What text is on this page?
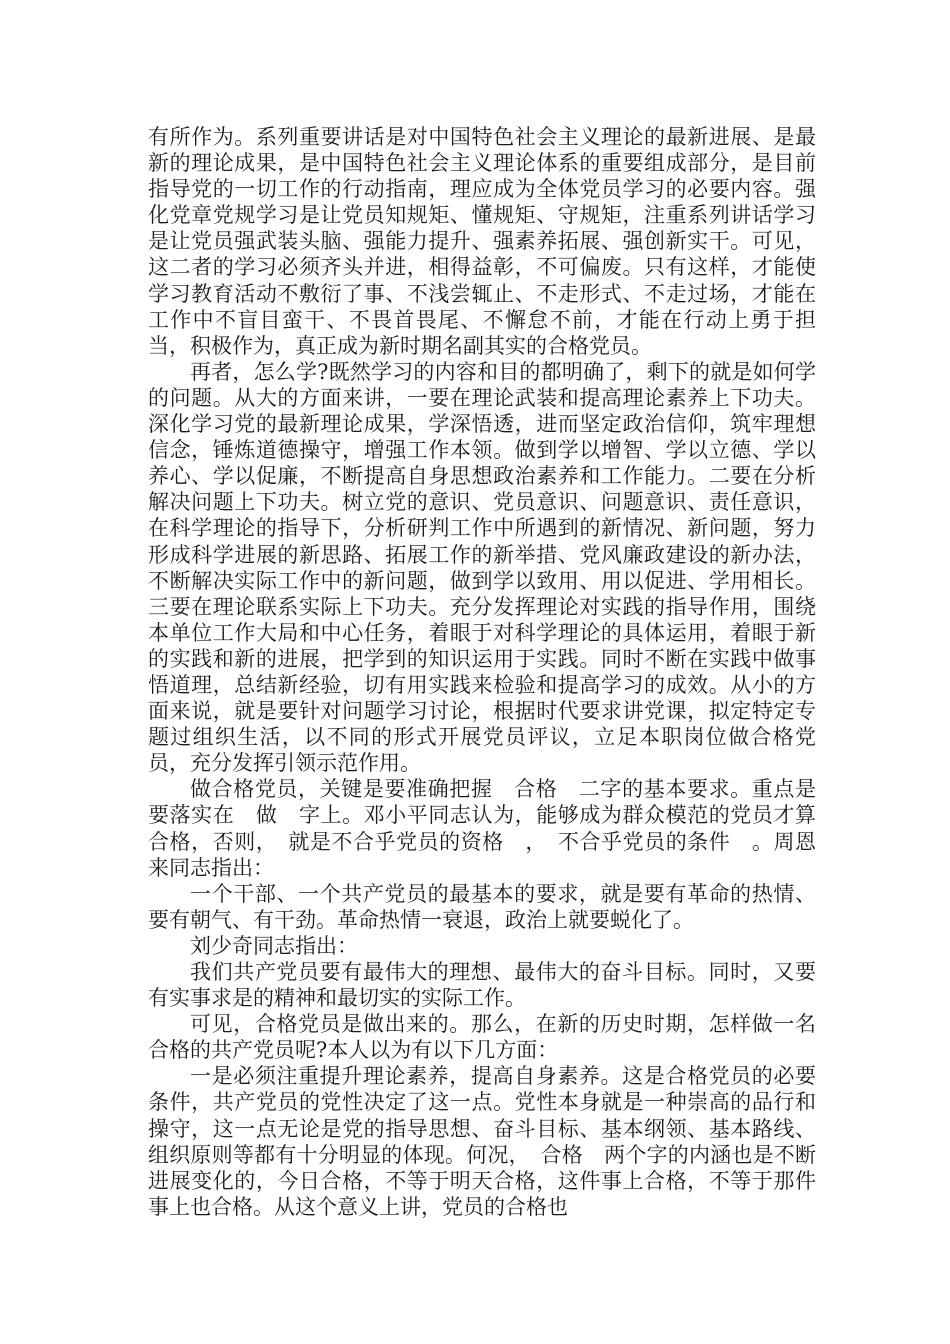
有所作为。系列重要讲话是对中国特色社会主义理论的最新进展、是最新的理论成果，是中国特色社会主义理论体系的重要组成部分，是目前指导党的一切工作的行动指南，理应成为全体党员学习的必要内容。强化党章党规学习是让党员知规矩、懂规矩、守规矩，注重系列讲话学习是让党员强武装头脑、强能力提升、强素养拓展、强创新实干。可见，这二者的学习必须齐头并进，相得益彰，不可偏废。只有这样，才能使学习教育活动不敷衍了事、不浅尝辄止、不走形式、不走过场，才能在工作中不盲目蛮干、不畏首畏尾、不懈怠不前，才能在行动上勇于担当，积极作为，真正成为新时期名副其实的合格党员。

再者，怎么学?既然学习的内容和目的都明确了，剩下的就是如何学的问题。从大的方面来讲，一要在理论武装和提高理论素养上下功夫。深化学习党的最新理论成果，学深悟透，进而坚定政治信仰，筑牢理想信念，锤炼道德操守，增强工作本领。做到学以增智、学以立德、学以养心、学以促廉，不断提高自身思想政治素养和工作能力。二要在分析解决问题上下功夫。树立党的意识、党员意识、问题意识、责任意识，在科学理论的指导下，分析研判工作中所遇到的新情况、新问题，努力形成科学进展的新思路、拓展工作的新举措、党风廉政建设的新办法，不断解决实际工作中的新问题，做到学以致用、用以促进、学用相长。三要在理论联系实际上下功夫。充分发挥理论对实践的指导作用，围绕本单位工作大局和中心任务，着眼于对科学理论的具体运用，着眼于新的实践和新的进展，把学到的知识运用于实践。同时不断在实践中做事悟道理，总结新经验，切有用实践来检验和提高学习的成效。从小的方面来说，就是要针对问题学习讨论，根据时代要求讲党课，拟定特定专题过组织生活，以不同的形式开展党员评议，立足本职岗位做合格党员，充分发挥引领示范作用。

做合格党员，关键是要准确把握　合格　二字的基本要求。重点是要落实在　做　字上。邓小平同志认为，能够成为群众模范的党员才算合格，否则，　就是不合乎党员的资格　，　不合乎党员的条件　。周恩来同志指出：

一个干部、一个共产党员的最基本的要求，就是要有革命的热情、要有朝气、有干劲。革命热情一衰退，政治上就要蜕化了。

刘少奇同志指出：

我们共产党员要有最伟大的理想、最伟大的奋斗目标。同时，又要有实事求是的精神和最切实的实际工作。

可见，合格党员是做出来的。那么，在新的历史时期，怎样做一名合格的共产党员呢?本人以为有以下几方面：

一是必须注重提升理论素养，提高自身素养。这是合格党员的必要条件，共产党员的党性决定了这一点。党性本身就是一种崇高的品行和操守，这一点无论是党的指导思想、奋斗目标、基本纲领、基本路线、组织原则等都有十分明显的体现。何况，　合格　两个字的内涵也是不断进展变化的，今日合格，不等于明天合格，这件事上合格，不等于那件事上也合格。从这个意义上讲，党员的合格也
